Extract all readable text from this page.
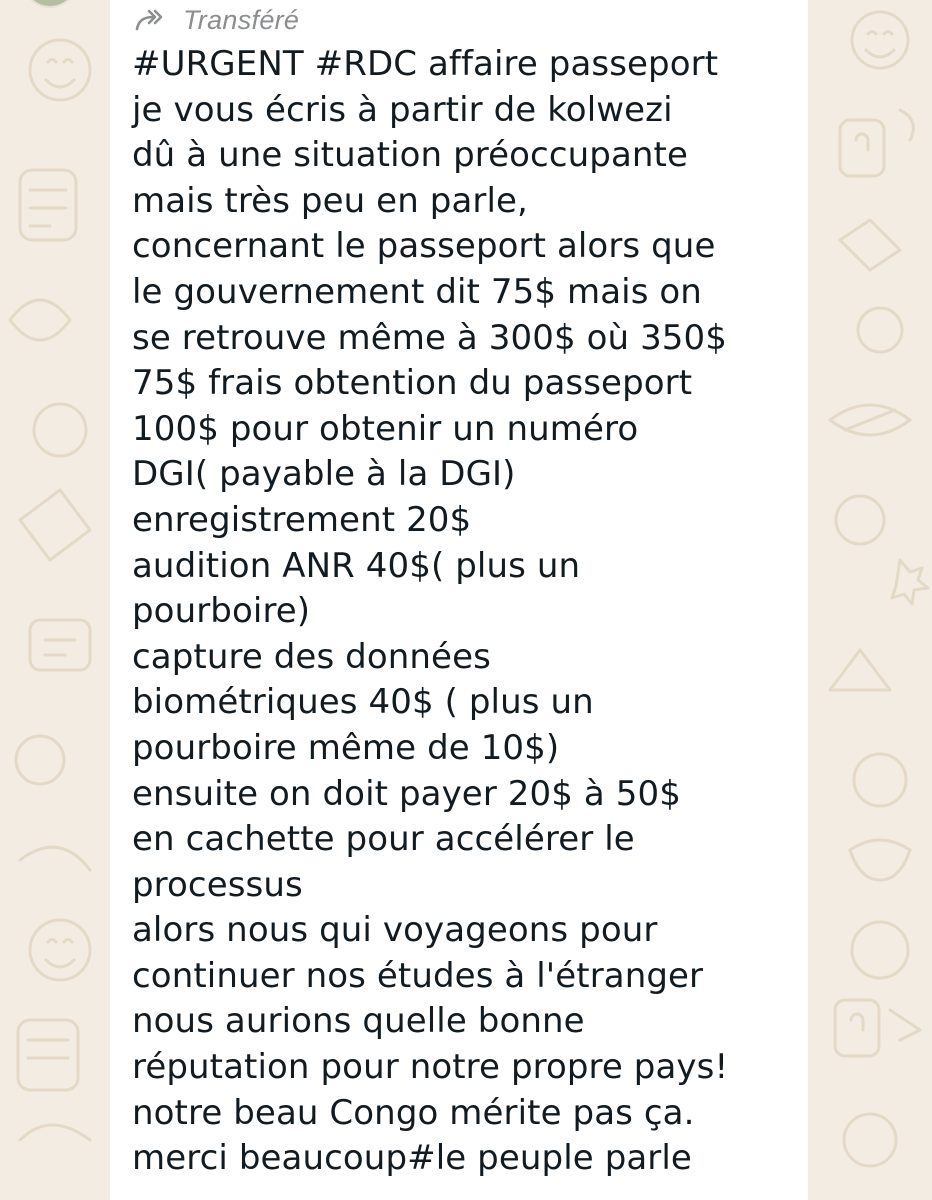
Transféré
#URGENT #RDC affaire passeport
je vous écris à partir de kolwezi
dû à une situation préoccupante
mais très peu en parle,
concernant le passeport alors que
le gouvernement dit 75$ mais on
se retrouve même à 300$ où 350$
75$ frais obtention du passeport
100$ pour obtenir un numéro
DGI( payable à la DGI)
enregistrement 20$
audition ANR 40$( plus un
pourboire)
capture des données
biométriques 40$ ( plus un
pourboire même de 10$)
ensuite on doit payer 20$ à 50$
en cachette pour accélérer le
processus
alors nous qui voyageons pour
continuer nos études à l'étranger
nous aurions quelle bonne
réputation pour notre propre pays!
notre beau Congo mérite pas ça.
merci beaucoup#le peuple parle
